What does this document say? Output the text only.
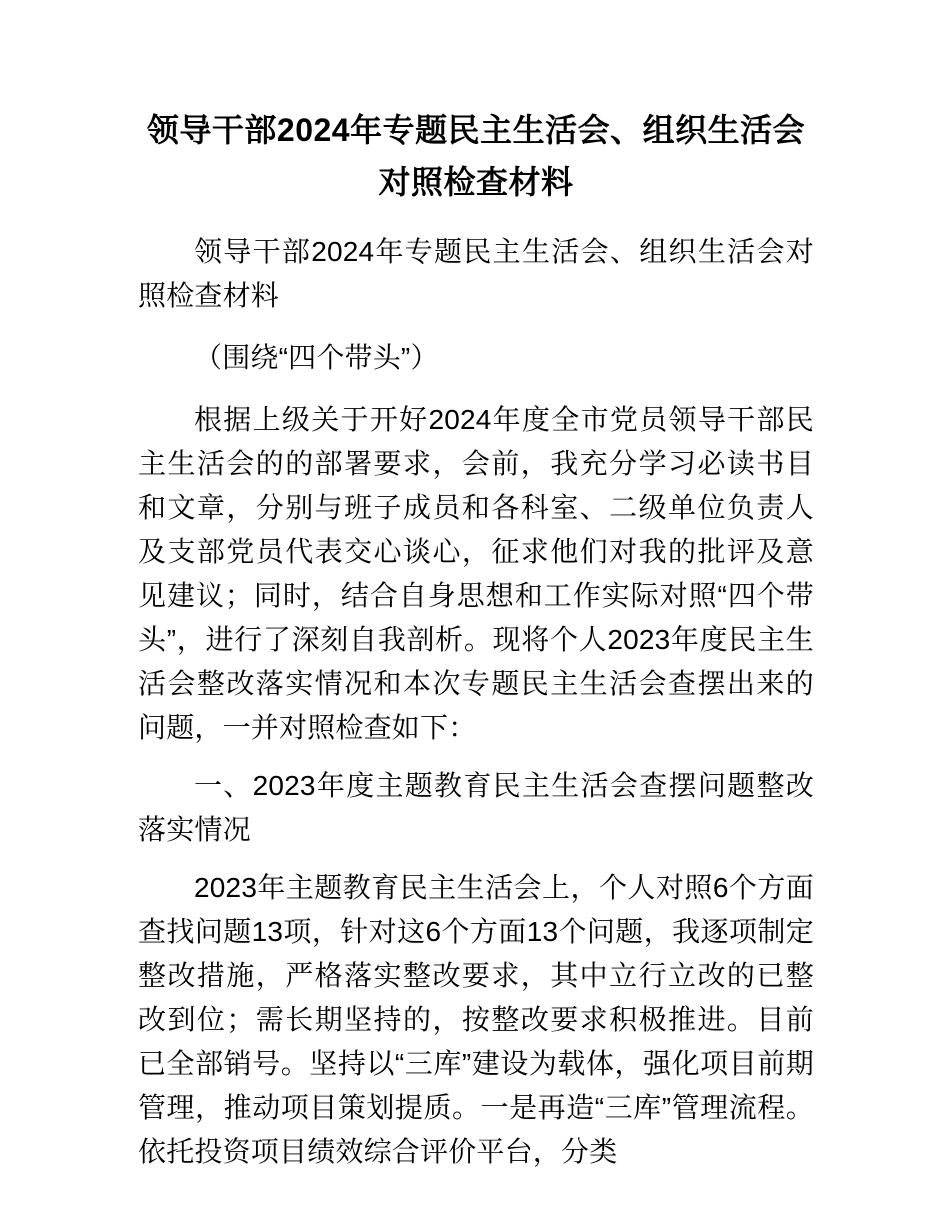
领导干部2024年专题民主生活会、组织生活会对照检查材料

领导干部2024年专题民主生活会、组织生活会对照检查材料

（围绕“四个带头”）

根据上级关于开好2024年度全市党员领导干部民主生活会的的部署要求，会前，我充分学习必读书目和文章，分别与班子成员和各科室、二级单位负责人及支部党员代表交心谈心，征求他们对我的批评及意见建议；同时，结合自身思想和工作实际对照“四个带头”，进行了深刻自我剖析。现将个人2023年度民主生活会整改落实情况和本次专题民主生活会查摆出来的问题，一并对照检查如下：

一、2023年度主题教育民主生活会查摆问题整改落实情况

2023年主题教育民主生活会上，个人对照6个方面查找问题13项，针对这6个方面13个问题，我逐项制定整改措施，严格落实整改要求，其中立行立改的已整改到位；需长期坚持的，按整改要求积极推进。目前已全部销号。坚持以“三库”建设为载体，强化项目前期管理，推动项目策划提质。一是再造“三库”管理流程。依托投资项目绩效综合评价平台，分类
